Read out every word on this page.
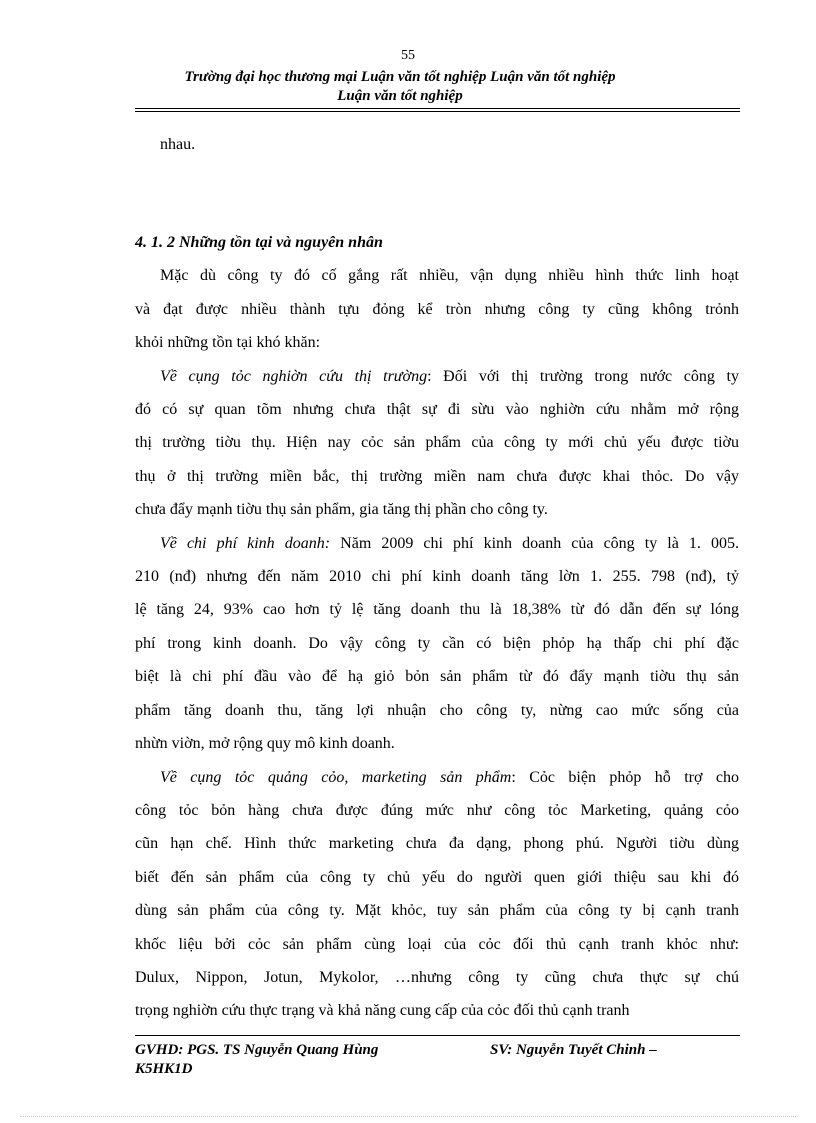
55
Trường đại học thương mại Luận văn tốt nghiệp Luận văn tốt nghiệp
Luận văn tốt nghiệp
nhau.
4. 1. 2 Những tồn tại và nguyên nhân
Mặc dù công ty đó cố gắng rất nhiều, vận dụng nhiều hình thức linh hoạt
và đạt được nhiều thành tựu đỏng kể tròn nhưng công ty cũng không trỏnh
khỏi những tồn tại khó khăn:
Về cụng tỏc nghiờn cứu thị trường: Đối với thị trường trong nước công ty
đó có sự quan tõm nhưng chưa thật sự đi sừu vào nghiờn cứu nhằm mở rộng
thị trường tiờu thụ. Hiện nay cỏc sản phẩm của công ty mới chủ yếu được tiờu
thụ ở thị trường miền bắc, thị trường miền nam chưa được khai thỏc. Do vậy
chưa đẩy mạnh tiờu thụ sản phẩm, gia tăng thị phần cho công ty.
Về chi phí kinh doanh: Năm 2009 chi phí kinh doanh của công ty là 1. 005.
210 (nđ) nhưng đến năm 2010 chi phí kinh doanh tăng lờn 1. 255. 798 (nđ), tỷ
lệ tăng 24, 93% cao hơn tỷ lệ tăng doanh thu là 18,38% từ đó dẫn đến sự lóng
phí trong kinh doanh. Do vậy công ty cần có biện phỏp hạ thấp chi phí đặc
biệt là chi phí đầu vào để hạ giỏ bỏn sản phẩm từ đó đẩy mạnh tiờu thụ sản
phẩm tăng doanh thu, tăng lợi nhuận cho công ty, nừng cao mức sống của
nhừn viờn, mở rộng quy mô kinh doanh.
Về cụng tỏc quảng cỏo, marketing sản phẩm: Cỏc biện phỏp hỗ trợ cho
công tỏc bỏn hàng chưa được đúng mức như công tỏc Marketing, quảng cỏo
cũn hạn chế. Hình thức marketing chưa đa dạng, phong phú. Người tiờu dùng
biết đến sản phẩm của công ty chủ yếu do người quen giới thiệu sau khi đó
dùng sản phẩm của công ty. Mặt khỏc, tuy sản phẩm của công ty bị cạnh tranh
khốc liệu bởi cỏc sản phẩm cùng loại của cỏc đối thủ cạnh tranh khỏc như:
Dulux, Nippon, Jotun, Mykolor, …nhưng công ty cũng chưa thực sự chú
trọng nghiờn cứu thực trạng và khả năng cung cấp của cỏc đối thủ cạnh tranh
GVHD: PGS. TS Nguyễn Quang Hùng	SV: Nguyễn Tuyết Chinh –
K5HK1D
